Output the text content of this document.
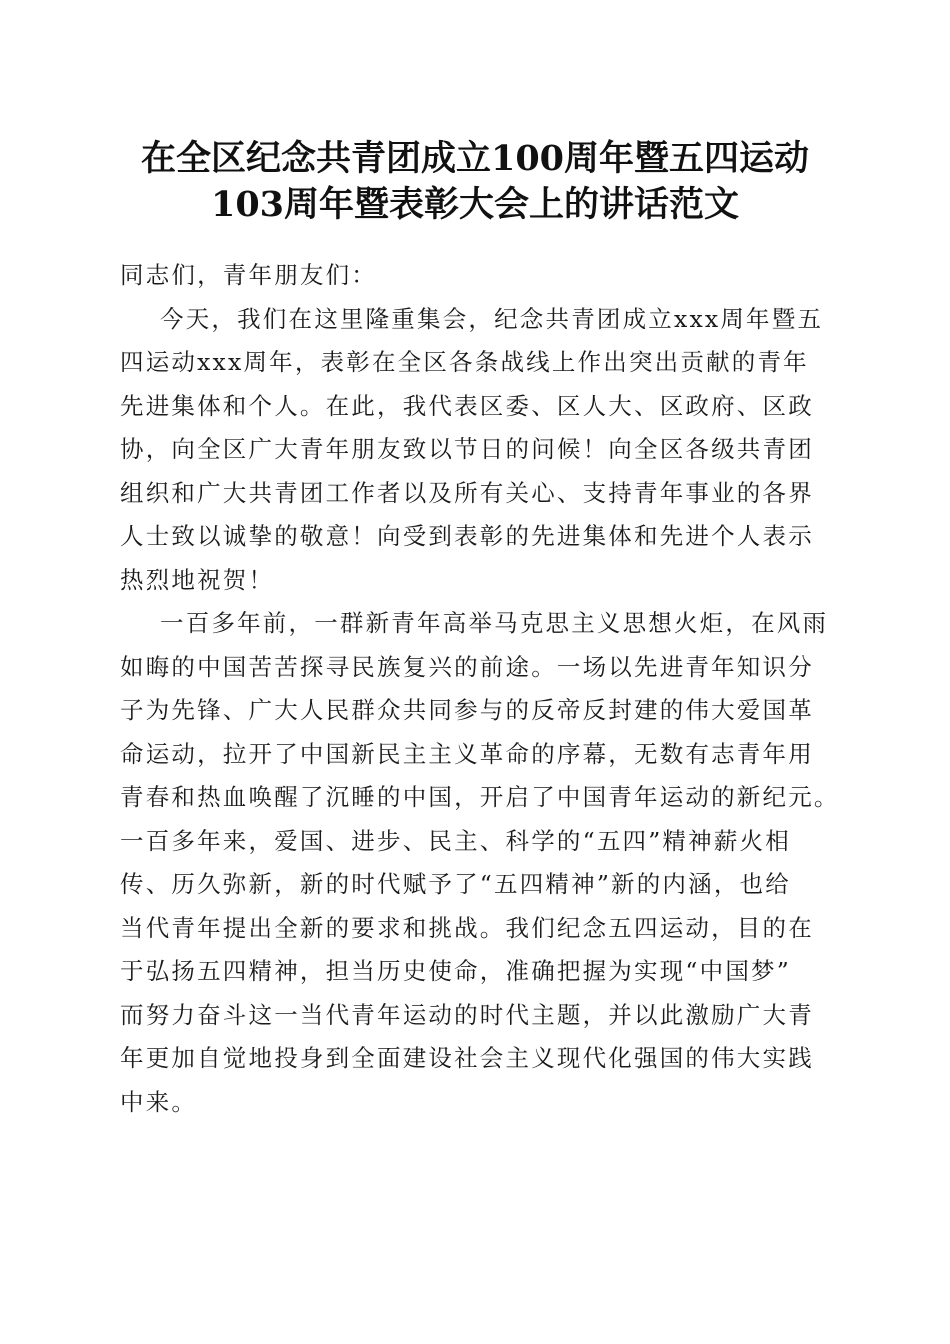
在全区纪念共青团成立100周年暨五四运动
103周年暨表彰大会上的讲话范文
同志们，青年朋友们：
今天，我们在这里隆重集会，纪念共青团成立xxx周年暨五
四运动xxx周年，表彰在全区各条战线上作出突出贡献的青年
先进集体和个人。在此，我代表区委、区人大、区政府、区政
协，向全区广大青年朋友致以节日的问候！向全区各级共青团
组织和广大共青团工作者以及所有关心、支持青年事业的各界
人士致以诚挚的敬意！向受到表彰的先进集体和先进个人表示
热烈地祝贺！
一百多年前，一群新青年高举马克思主义思想火炬，在风雨
如晦的中国苦苦探寻民族复兴的前途。一场以先进青年知识分
子为先锋、广大人民群众共同参与的反帝反封建的伟大爱国革
命运动，拉开了中国新民主主义革命的序幕，无数有志青年用
青春和热血唤醒了沉睡的中国，开启了中国青年运动的新纪元。
一百多年来，爱国、进步、民主、科学的“五四”精神薪火相
传、历久弥新，新的时代赋予了“五四精神”新的内涵，也给
当代青年提出全新的要求和挑战。我们纪念五四运动，目的在
于弘扬五四精神，担当历史使命，准确把握为实现“中国梦”
而努力奋斗这一当代青年运动的时代主题，并以此激励广大青
年更加自觉地投身到全面建设社会主义现代化强国的伟大实践
中来。
